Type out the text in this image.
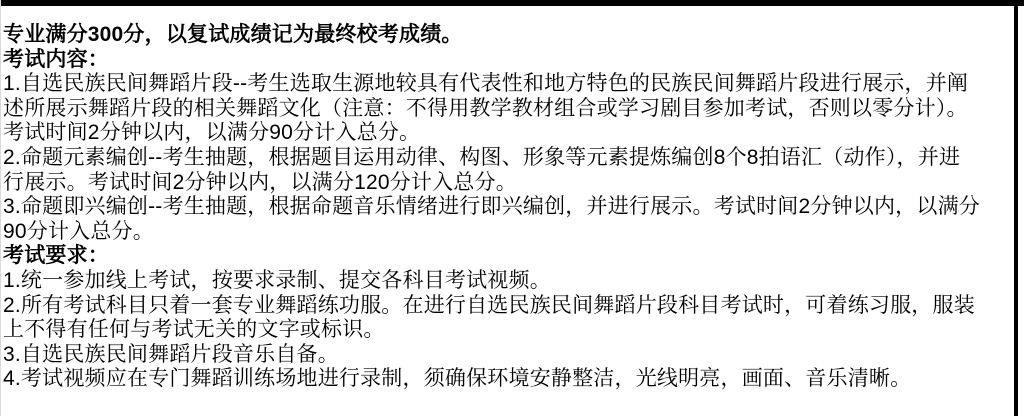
专业满分300分，以复试成绩记为最终校考成绩。
考试内容：
1.自选民族民间舞蹈片段--考生选取生源地较具有代表性和地方特色的民族民间舞蹈片段进行展示，并阐
述所展示舞蹈片段的相关舞蹈文化（注意：不得用教学教材组合或学习剧目参加考试，否则以零分计）。
考试时间2分钟以内，以满分90分计入总分。
2.命题元素编创--考生抽题，根据题目运用动律、构图、形象等元素提炼编创8个8拍语汇（动作），并进
行展示。考试时间2分钟以内，以满分120分计入总分。
3.命题即兴编创--考生抽题，根据命题音乐情绪进行即兴编创，并进行展示。考试时间2分钟以内，以满分
90分计入总分。
考试要求：
1.统一参加线上考试，按要求录制、提交各科目考试视频。
2.所有考试科目只着一套专业舞蹈练功服。在进行自选民族民间舞蹈片段科目考试时，可着练习服，服装
上不得有任何与考试无关的文字或标识。
3.自选民族民间舞蹈片段音乐自备。
4.考试视频应在专门舞蹈训练场地进行录制，须确保环境安静整洁，光线明亮，画面、音乐清晰。
